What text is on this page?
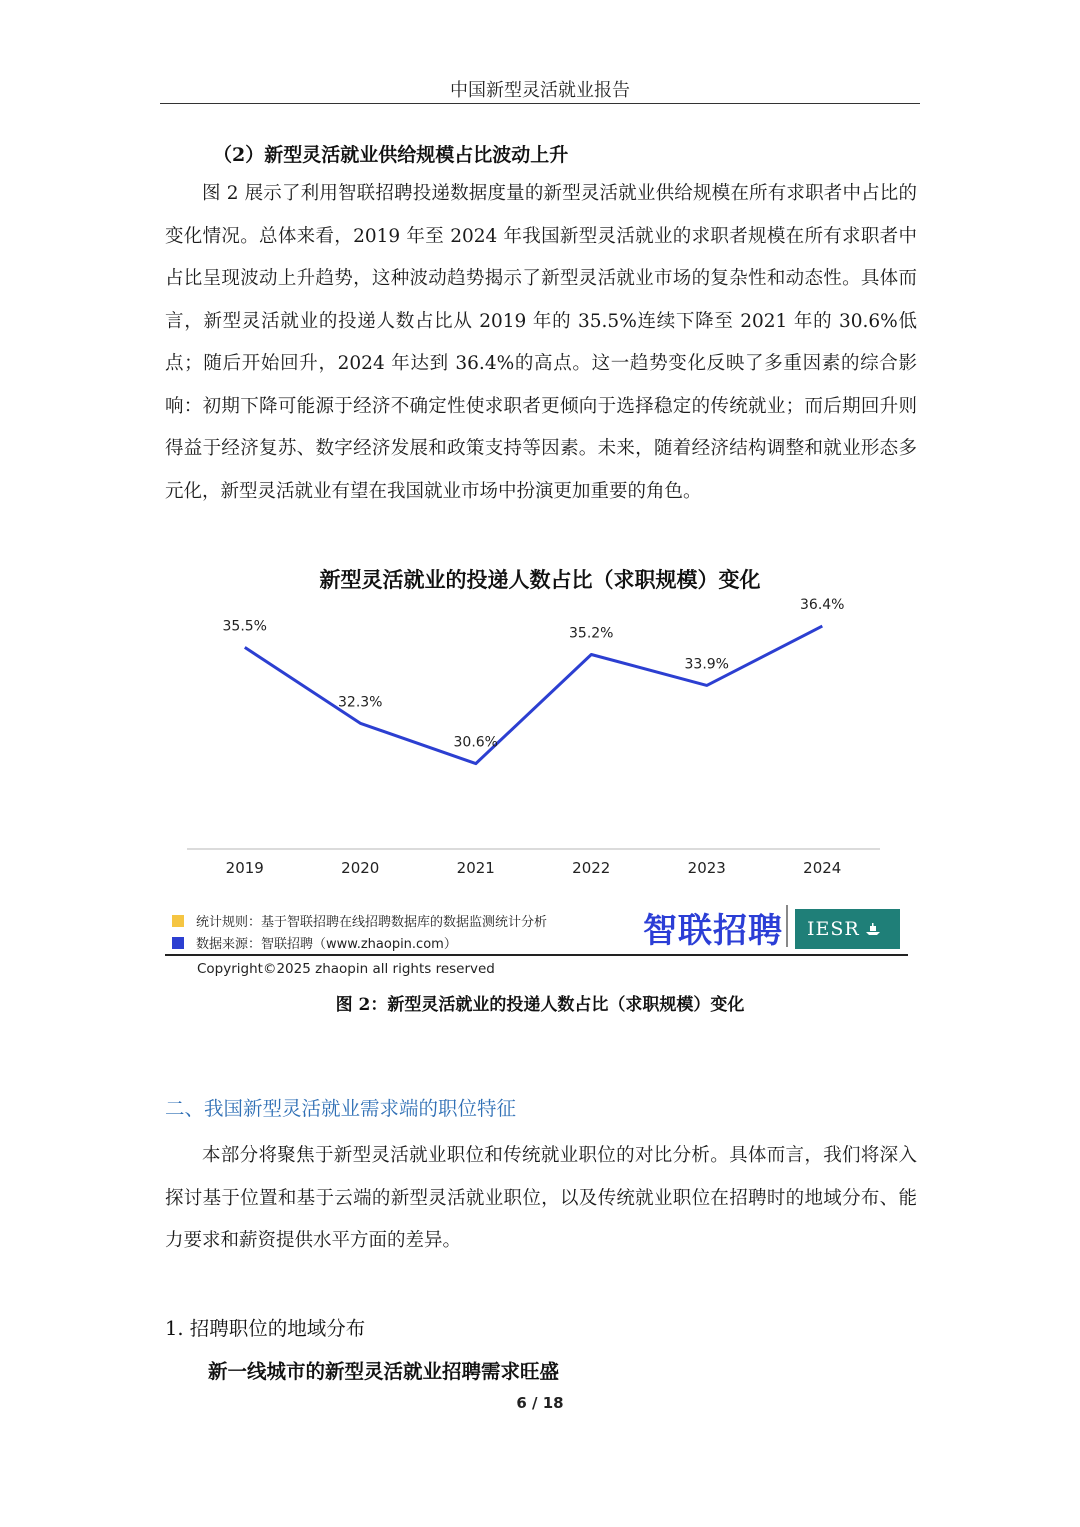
中国新型灵活就业报告
（2）新型灵活就业供给规模占比波动上升
图 2 展示了利用智联招聘投递数据度量的新型灵活就业供给规模在所有求职者中占比的变化情况。总体来看，2019 年至 2024 年我国新型灵活就业的求职者规模在所有求职者中占比呈现波动上升趋势，这种波动趋势揭示了新型灵活就业市场的复杂性和动态性。具体而言，新型灵活就业的投递人数占比从 2019 年的 35.5%连续下降至 2021 年的 30.6%低点；随后开始回升，2024 年达到 36.4%的高点。这一趋势变化反映了多重因素的综合影响：初期下降可能源于经济不确定性使求职者更倾向于选择稳定的传统就业；而后期回升则得益于经济复苏、数字经济发展和政策支持等因素。未来，随着经济结构调整和就业形态多元化，新型灵活就业有望在我国就业市场中扮演更加重要的角色。
新型灵活就业的投递人数占比（求职规模）变化
2019	2020	2021	2022	2023	2024
35.5%
32.3%
30.6%
35.2%
33.9%
36.4%
统计规则：基于智联招聘在线招聘数据库的数据监测统计分析
数据来源：智联招聘（www.zhaopin.com）	智联招聘 IESR
Copyright©2025 zhaopin all rights reserved
图 2：新型灵活就业的投递人数占比（求职规模）变化
二、我国新型灵活就业需求端的职位特征
本部分将聚焦于新型灵活就业职位和传统就业职位的对比分析。具体而言，我们将深入探讨基于位置和基于云端的新型灵活就业职位，以及传统就业职位在招聘时的地域分布、能力要求和薪资提供水平方面的差异。
1. 招聘职位的地域分布
新一线城市的新型灵活就业招聘需求旺盛
6 / 18
